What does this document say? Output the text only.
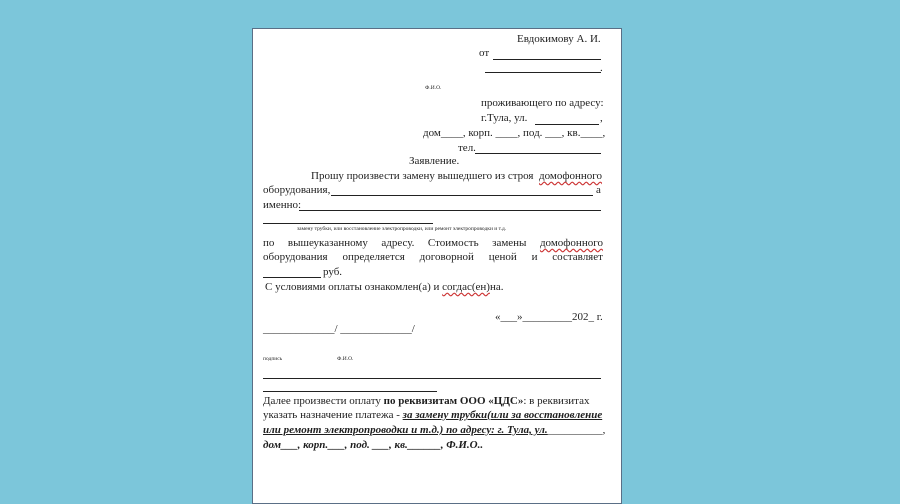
Евдокимову А. И.
от
.
Ф.И.О.
проживающего по адресу:
г.Тула, ул.	,
дом____, корп. ____, под. ___, кв.____,
тел.
Заявление.
Прошу произвести замену вышедшего из строя домофонного
оборудования,	а
именно:
замену трубки, или восстановление электропроводки, или ремонт электропроводки и т.д.
по вышеуказанному адресу. Стоимость замены домофонного
оборудования определяется договорной ценой и составляет
руб.
С условиями оплаты ознакомлен(а) и согдас(ен)на.
«___»_________202_ г.
_____________/ _____________/
подпись	Ф.И.О.
Далее произвести оплату по реквизитам ООО «ЦДС»: в реквизитах
указать назначение платежа - за замену трубки(или за восстановление
или ремонт электропроводки и т.д.) по адресу: г. Тула, ул.__________,
дом___, корп.___, под. ___, кв.______, Ф.И.О..
